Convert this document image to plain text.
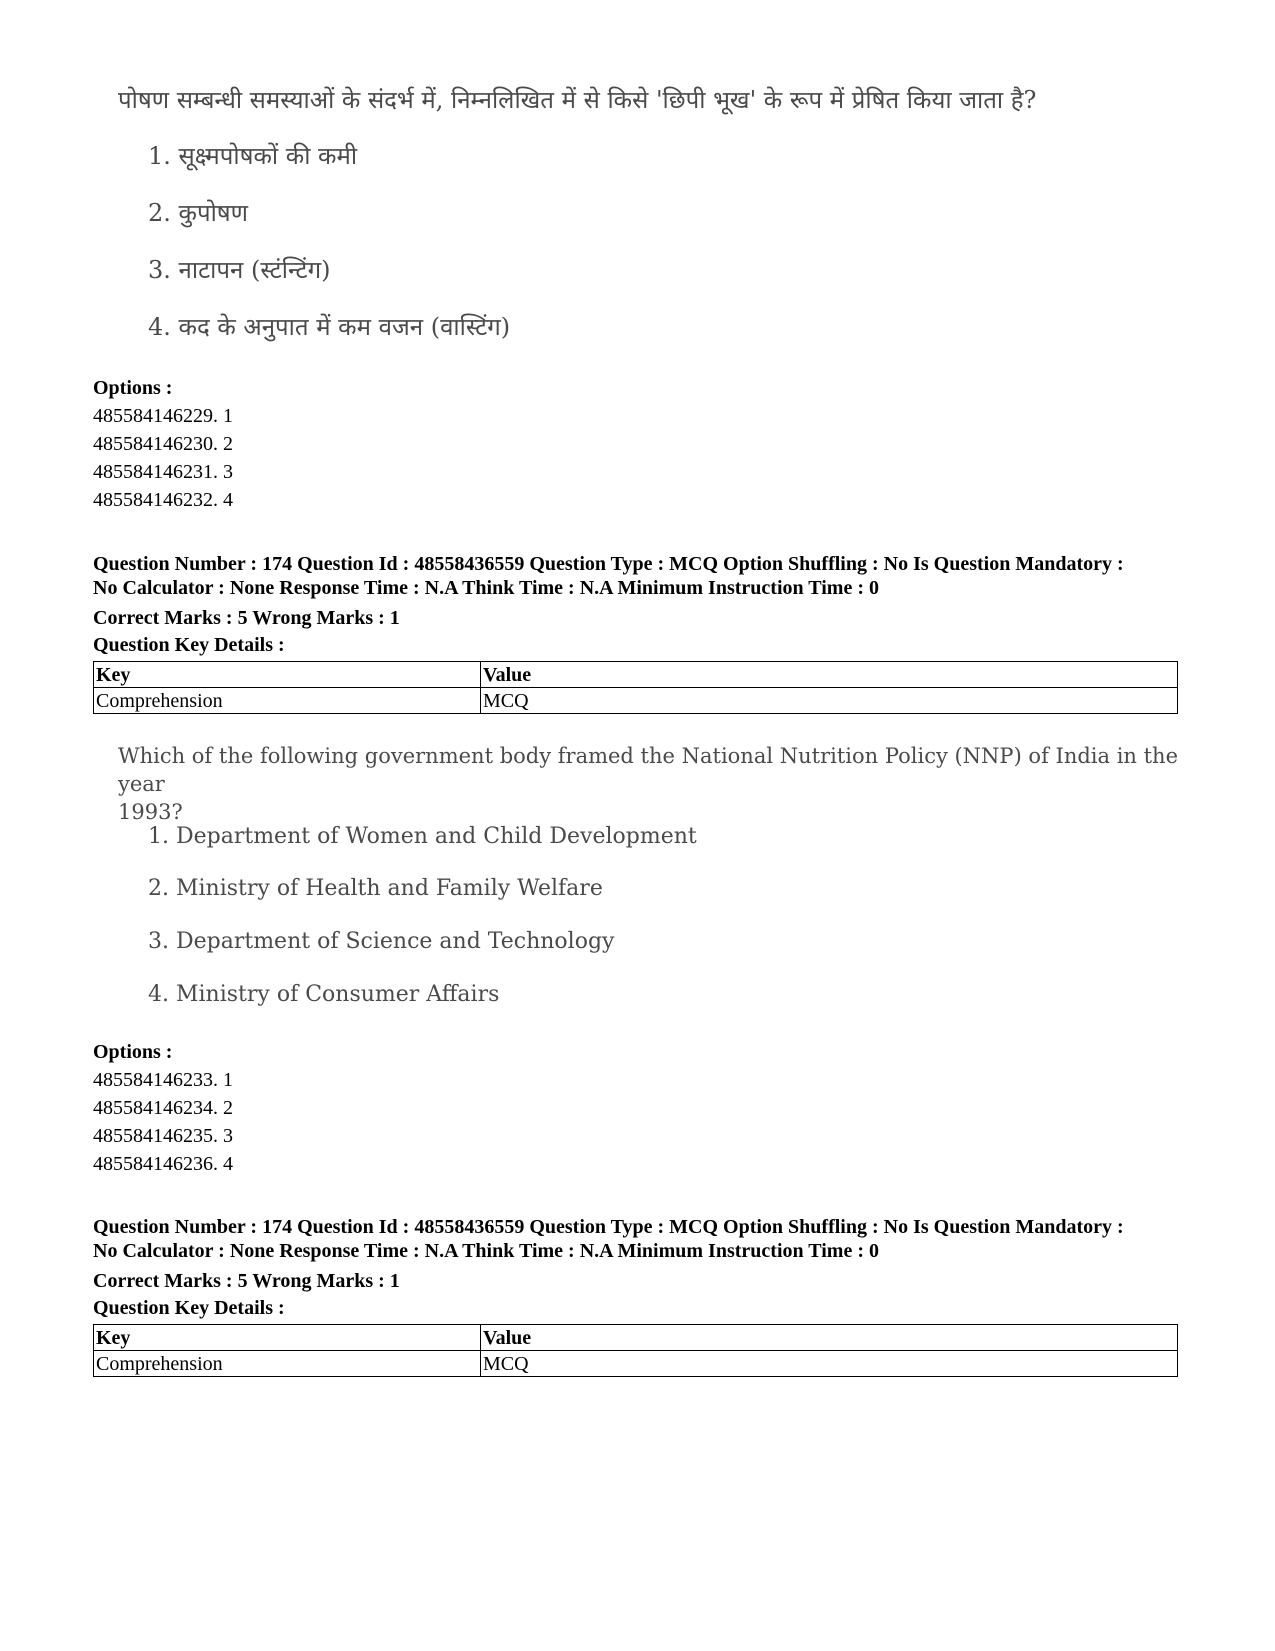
पोषण सम्बन्धी समस्याओं के संदर्भ में, निम्नलिखित में से किसे 'छिपी भूख' के रूप में प्रेषित किया जाता है?

1. सूक्ष्मपोषकों की कमी

2. कुपोषण

3. नाटापन (स्टंन्टिंग)

4. कद के अनुपात में कम वजन (वास्टिंग)

Options :
485584146229. 1
485584146230. 2
485584146231. 3
485584146232. 4

Question Number : 174 Question Id : 48558436559 Question Type : MCQ Option Shuffling : No Is Question Mandatory :

No Calculator : None Response Time : N.A Think Time : N.A Minimum Instruction Time : 0

Correct Marks : 5 Wrong Marks : 1
Question Key Details :
Key	Value
Comprehension	MCQ

Which of the following government body framed the National Nutrition Policy (NNP) of India in the year

1993?

1. Department of Women and Child Development

2. Ministry of Health and Family Welfare

3. Department of Science and Technology

4. Ministry of Consumer Affairs

Options :
485584146233. 1
485584146234. 2
485584146235. 3
485584146236. 4

Question Number : 174 Question Id : 48558436559 Question Type : MCQ Option Shuffling : No Is Question Mandatory :

No Calculator : None Response Time : N.A Think Time : N.A Minimum Instruction Time : 0

Correct Marks : 5 Wrong Marks : 1
Question Key Details :
Key	Value
Comprehension	MCQ
